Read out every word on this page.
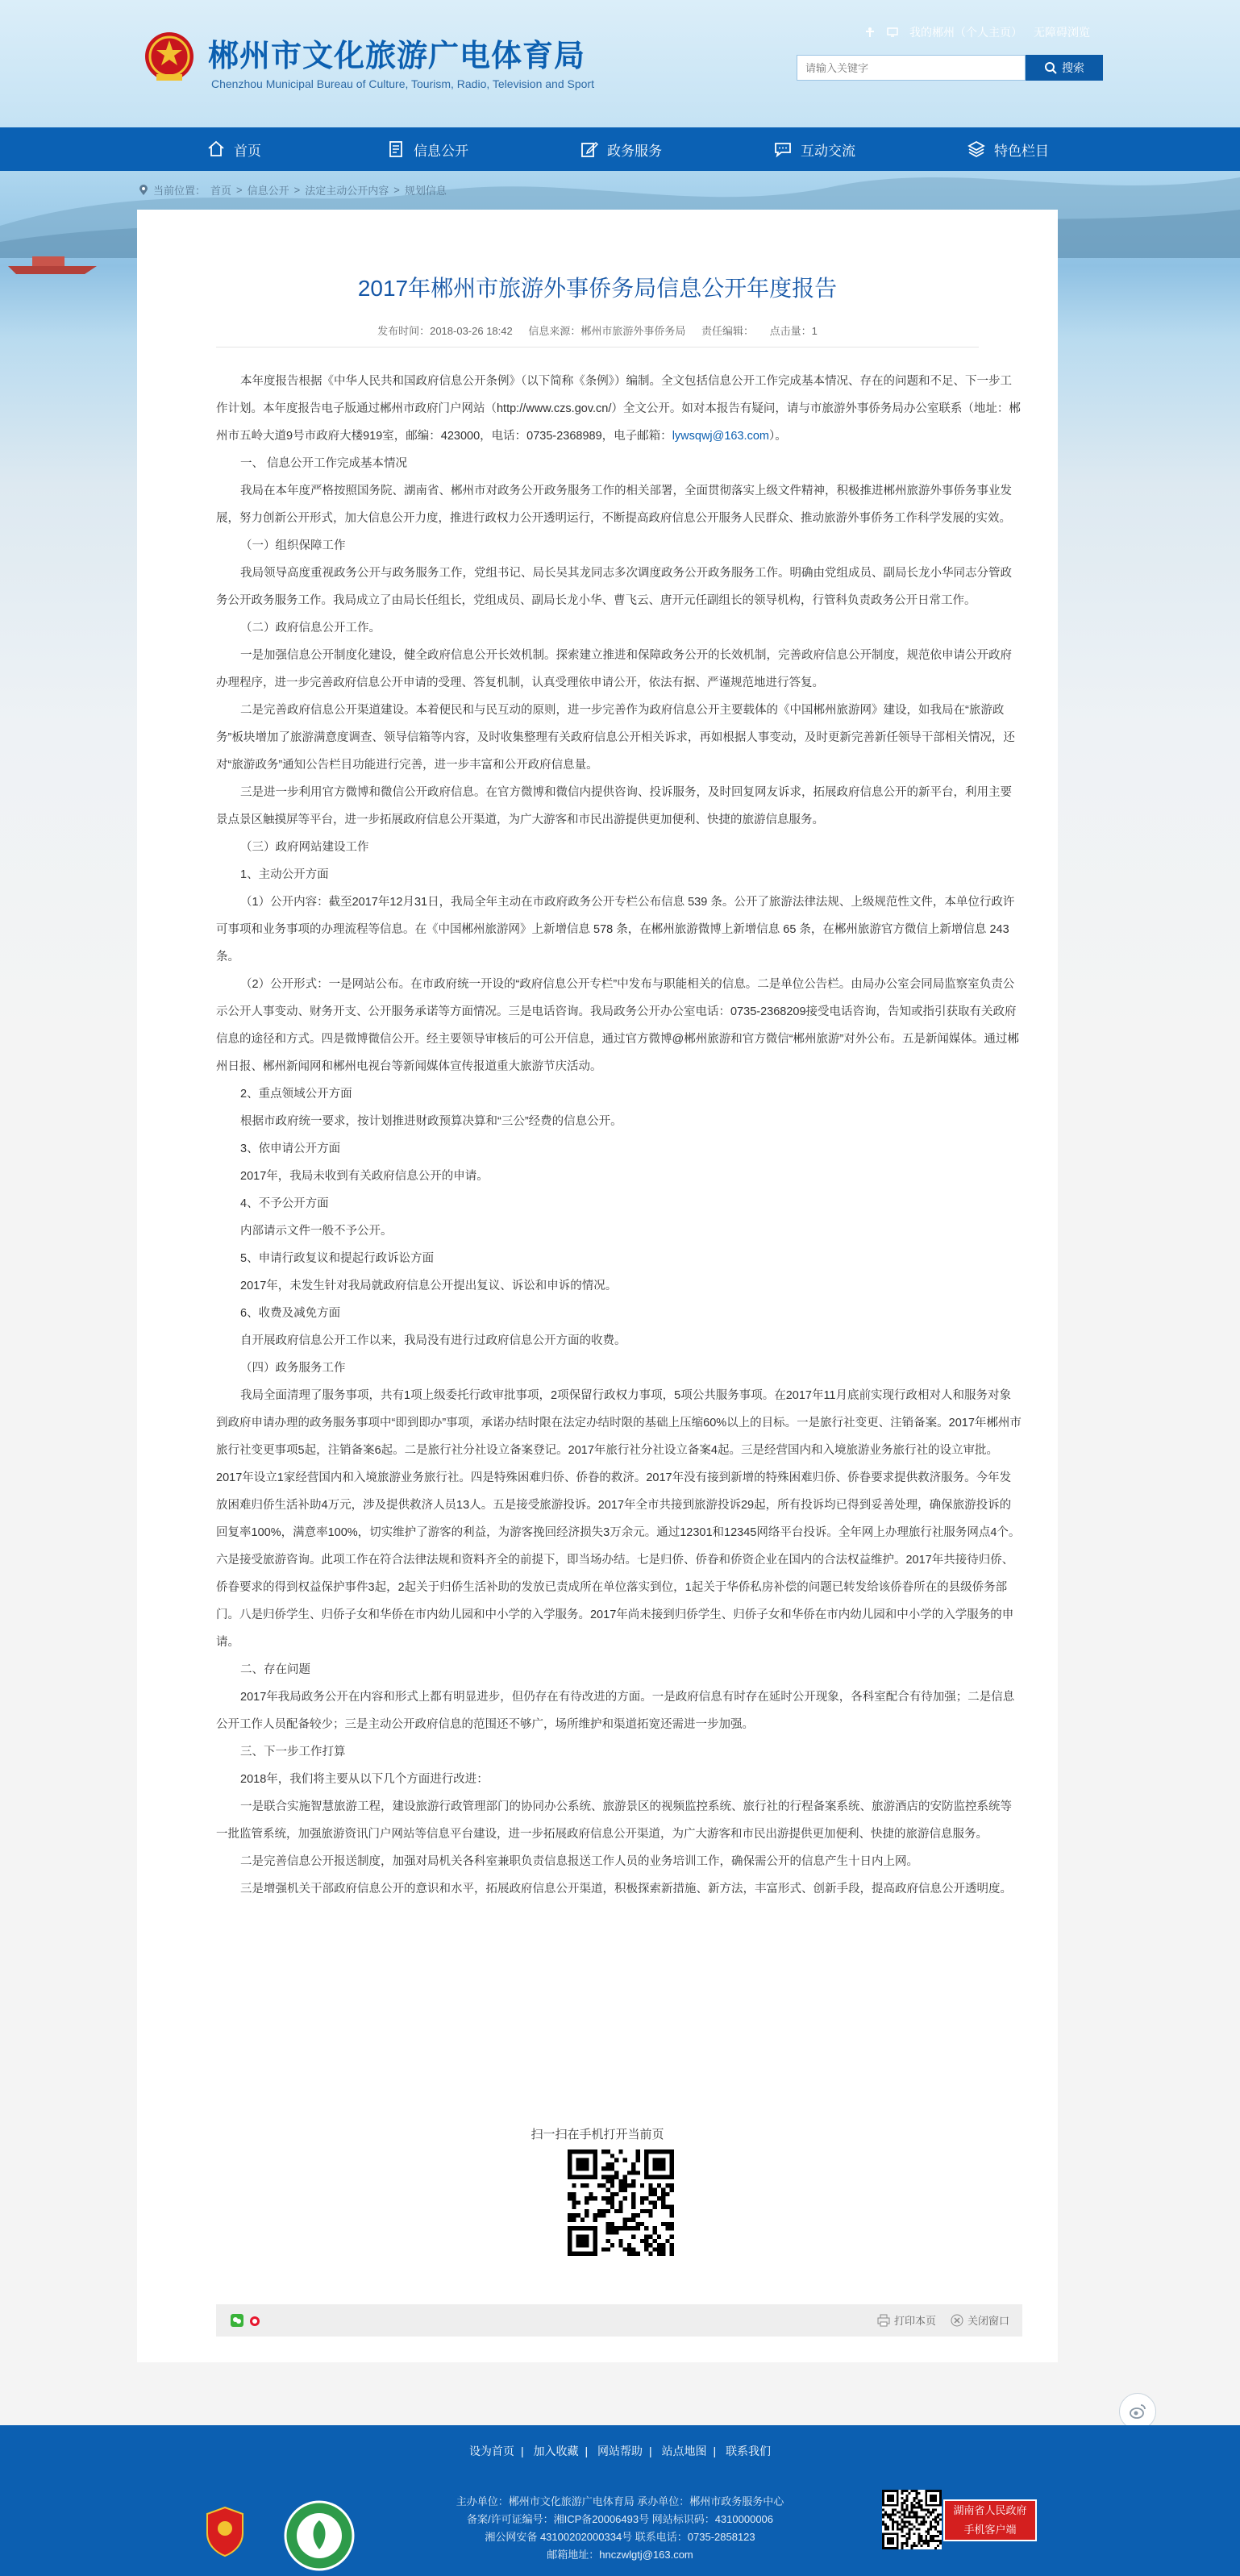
郴州市文化旅游广电体育局
Chenzhou Municipal Bureau of Culture, Tourism, Radio, Television and Sport
我的郴州（个人主页） 无障碍浏览
请输入关键字
搜索
首页	信息公开	政务服务	互动交流	特色栏目
当前位置： 首页 > 信息公开 > 法定主动公开内容 > 规划信息
2017年郴州市旅游外事侨务局信息公开年度报告
发布时间：2018-03-26 18:42 信息来源：郴州市旅游外事侨务局 责任编辑： 点击量：1

本年度报告根据《中华人民共和国政府信息公开条例》（以下简称《条例》）编制。全文包括信息公开工作完成基本情况、存在的问题和不足、下一步工作计划。本年度报告电子版通过郴州市政府门户网站（http://www.czs.gov.cn/）全文公开。如对本报告有疑问，请与市旅游外事侨务局办公室联系（地址：郴州市五岭大道9号市政府大楼919室，邮编：423000，电话：0735-2368989，电子邮箱：lywsqwj@163.com）。

一、 信息公开工作完成基本情况

我局在本年度严格按照国务院、湖南省、郴州市对政务公开政务服务工作的相关部署，全面贯彻落实上级文件精神，积极推进郴州旅游外事侨务事业发展，努力创新公开形式，加大信息公开力度，推进行政权力公开透明运行，不断提高政府信息公开服务人民群众、推动旅游外事侨务工作科学发展的实效。

（一）组织保障工作

我局领导高度重视政务公开与政务服务工作，党组书记、局长吴其龙同志多次调度政务公开政务服务工作。明确由党组成员、副局长龙小华同志分管政务公开政务服务工作。我局成立了由局长任组长，党组成员、副局长龙小华、曹飞云、唐开元任副组长的领导机构，行管科负责政务公开日常工作。

（二）政府信息公开工作。

一是加强信息公开制度化建设，健全政府信息公开长效机制。探索建立推进和保障政务公开的长效机制，完善政府信息公开制度，规范依申请公开政府办理程序，进一步完善政府信息公开申请的受理、答复机制，认真受理依申请公开，依法有据、严谨规范地进行答复。

二是完善政府信息公开渠道建设。本着便民和与民互动的原则，进一步完善作为政府信息公开主要载体的《中国郴州旅游网》建设，如我局在“旅游政务”板块增加了旅游满意度调查、领导信箱等内容，及时收集整理有关政府信息公开相关诉求，再如根据人事变动，及时更新完善新任领导干部相关情况，还对“旅游政务”通知公告栏目功能进行完善，进一步丰富和公开政府信息量。

三是进一步利用官方微博和微信公开政府信息。在官方微博和微信内提供咨询、投诉服务，及时回复网友诉求，拓展政府信息公开的新平台，利用主要景点景区触摸屏等平台，进一步拓展政府信息公开渠道，为广大游客和市民出游提供更加便利、快捷的旅游信息服务。

（三）政府网站建设工作

1、主动公开方面

（1）公开内容：截至2017年12月31日，我局全年主动在市政府政务公开专栏公布信息 539 条。公开了旅游法律法规、上级规范性文件，本单位行政许可事项和业务事项的办理流程等信息。在《中国郴州旅游网》上新增信息 578 条，在郴州旅游微博上新增信息 65 条，在郴州旅游官方微信上新增信息 243 条。

（2）公开形式：一是网站公布。在市政府统一开设的“政府信息公开专栏”中发布与职能相关的信息。二是单位公告栏。由局办公室会同局监察室负责公示公开人事变动、财务开支、公开服务承诺等方面情况。三是电话咨询。我局政务公开办公室电话：0735-2368209接受电话咨询，告知或指引获取有关政府信息的途径和方式。四是微博微信公开。经主要领导审核后的可公开信息，通过官方微博@郴州旅游和官方微信“郴州旅游”对外公布。五是新闻媒体。通过郴州日报、郴州新闻网和郴州电视台等新闻媒体宣传报道重大旅游节庆活动。

2、重点领域公开方面

根据市政府统一要求，按计划推进财政预算决算和“三公”经费的信息公开。

3、依申请公开方面

2017年，我局未收到有关政府信息公开的申请。

4、不予公开方面

内部请示文件一般不予公开。

5、申请行政复议和提起行政诉讼方面

2017年，未发生针对我局就政府信息公开提出复议、诉讼和申诉的情况。

6、收费及减免方面

自开展政府信息公开工作以来，我局没有进行过政府信息公开方面的收费。

（四）政务服务工作

我局全面清理了服务事项，共有1项上级委托行政审批事项，2项保留行政权力事项，5项公共服务事项。在2017年11月底前实现行政相对人和服务对象到政府申请办理的政务服务事项中“即到即办”事项，承诺办结时限在法定办结时限的基础上压缩60%以上的目标。一是旅行社变更、注销备案。2017年郴州市旅行社变更事项5起，注销备案6起。二是旅行社分社设立备案登记。2017年旅行社分社设立备案4起。三是经营国内和入境旅游业务旅行社的设立审批。2017年设立1家经营国内和入境旅游业务旅行社。四是特殊困难归侨、侨眷的救济。2017年没有接到新增的特殊困难归侨、侨眷要求提供救济服务。今年发放困难归侨生活补助4万元，涉及提供救济人员13人。五是接受旅游投诉。2017年全市共接到旅游投诉29起，所有投诉均已得到妥善处理，确保旅游投诉的回复率100%，满意率100%，切实维护了游客的利益，为游客挽回经济损失3万余元。通过12301和12345网络平台投诉。全年网上办理旅行社服务网点4个。六是接受旅游咨询。此项工作在符合法律法规和资料齐全的前提下，即当场办结。七是归侨、侨眷和侨资企业在国内的合法权益维护。2017年共接待归侨、侨眷要求的得到权益保护事件3起，2起关于归侨生活补助的发放已责成所在单位落实到位，1起关于华侨私房补偿的问题已转发给该侨眷所在的县级侨务部门。八是归侨学生、归侨子女和华侨在市内幼儿园和中小学的入学服务。2017年尚未接到归侨学生、归侨子女和华侨在市内幼儿园和中小学的入学服务的申请。

二、存在问题

2017年我局政务公开在内容和形式上都有明显进步，但仍存在有待改进的方面。一是政府信息有时存在延时公开现象，各科室配合有待加强；二是信息公开工作人员配备较少；三是主动公开政府信息的范围还不够广，场所维护和渠道拓宽还需进一步加强。

三、下一步工作打算

2018年，我们将主要从以下几个方面进行改进：

一是联合实施智慧旅游工程，建设旅游行政管理部门的协同办公系统、旅游景区的视频监控系统、旅行社的行程备案系统、旅游酒店的安防监控系统等一批监管系统，加强旅游资讯门户网站等信息平台建设，进一步拓展政府信息公开渠道，为广大游客和市民出游提供更加便利、快捷的旅游信息服务。

二是完善信息公开报送制度，加强对局机关各科室兼职负责信息报送工作人员的业务培训工作，确保需公开的信息产生十日内上网。

三是增强机关干部政府信息公开的意识和水平，拓展政府信息公开渠道，积极探索新措施、新方法，丰富形式、创新手段，提高政府信息公开透明度。

扫一扫在手机打开当前页
打印本页	关闭窗口
设为首页 | 加入收藏 | 网站帮助 | 站点地图 | 联系我们
主办单位：郴州市文化旅游广电体育局 承办单位：郴州市政务服务中心
备案/许可证编号：湘ICP备20006493号 网站标识码：4310000006
湘公网安备 43100202000334号 联系电话：0735-2858123
邮箱地址：hnczwlgtj@163.com
湖南省人民政府
手机客户端
